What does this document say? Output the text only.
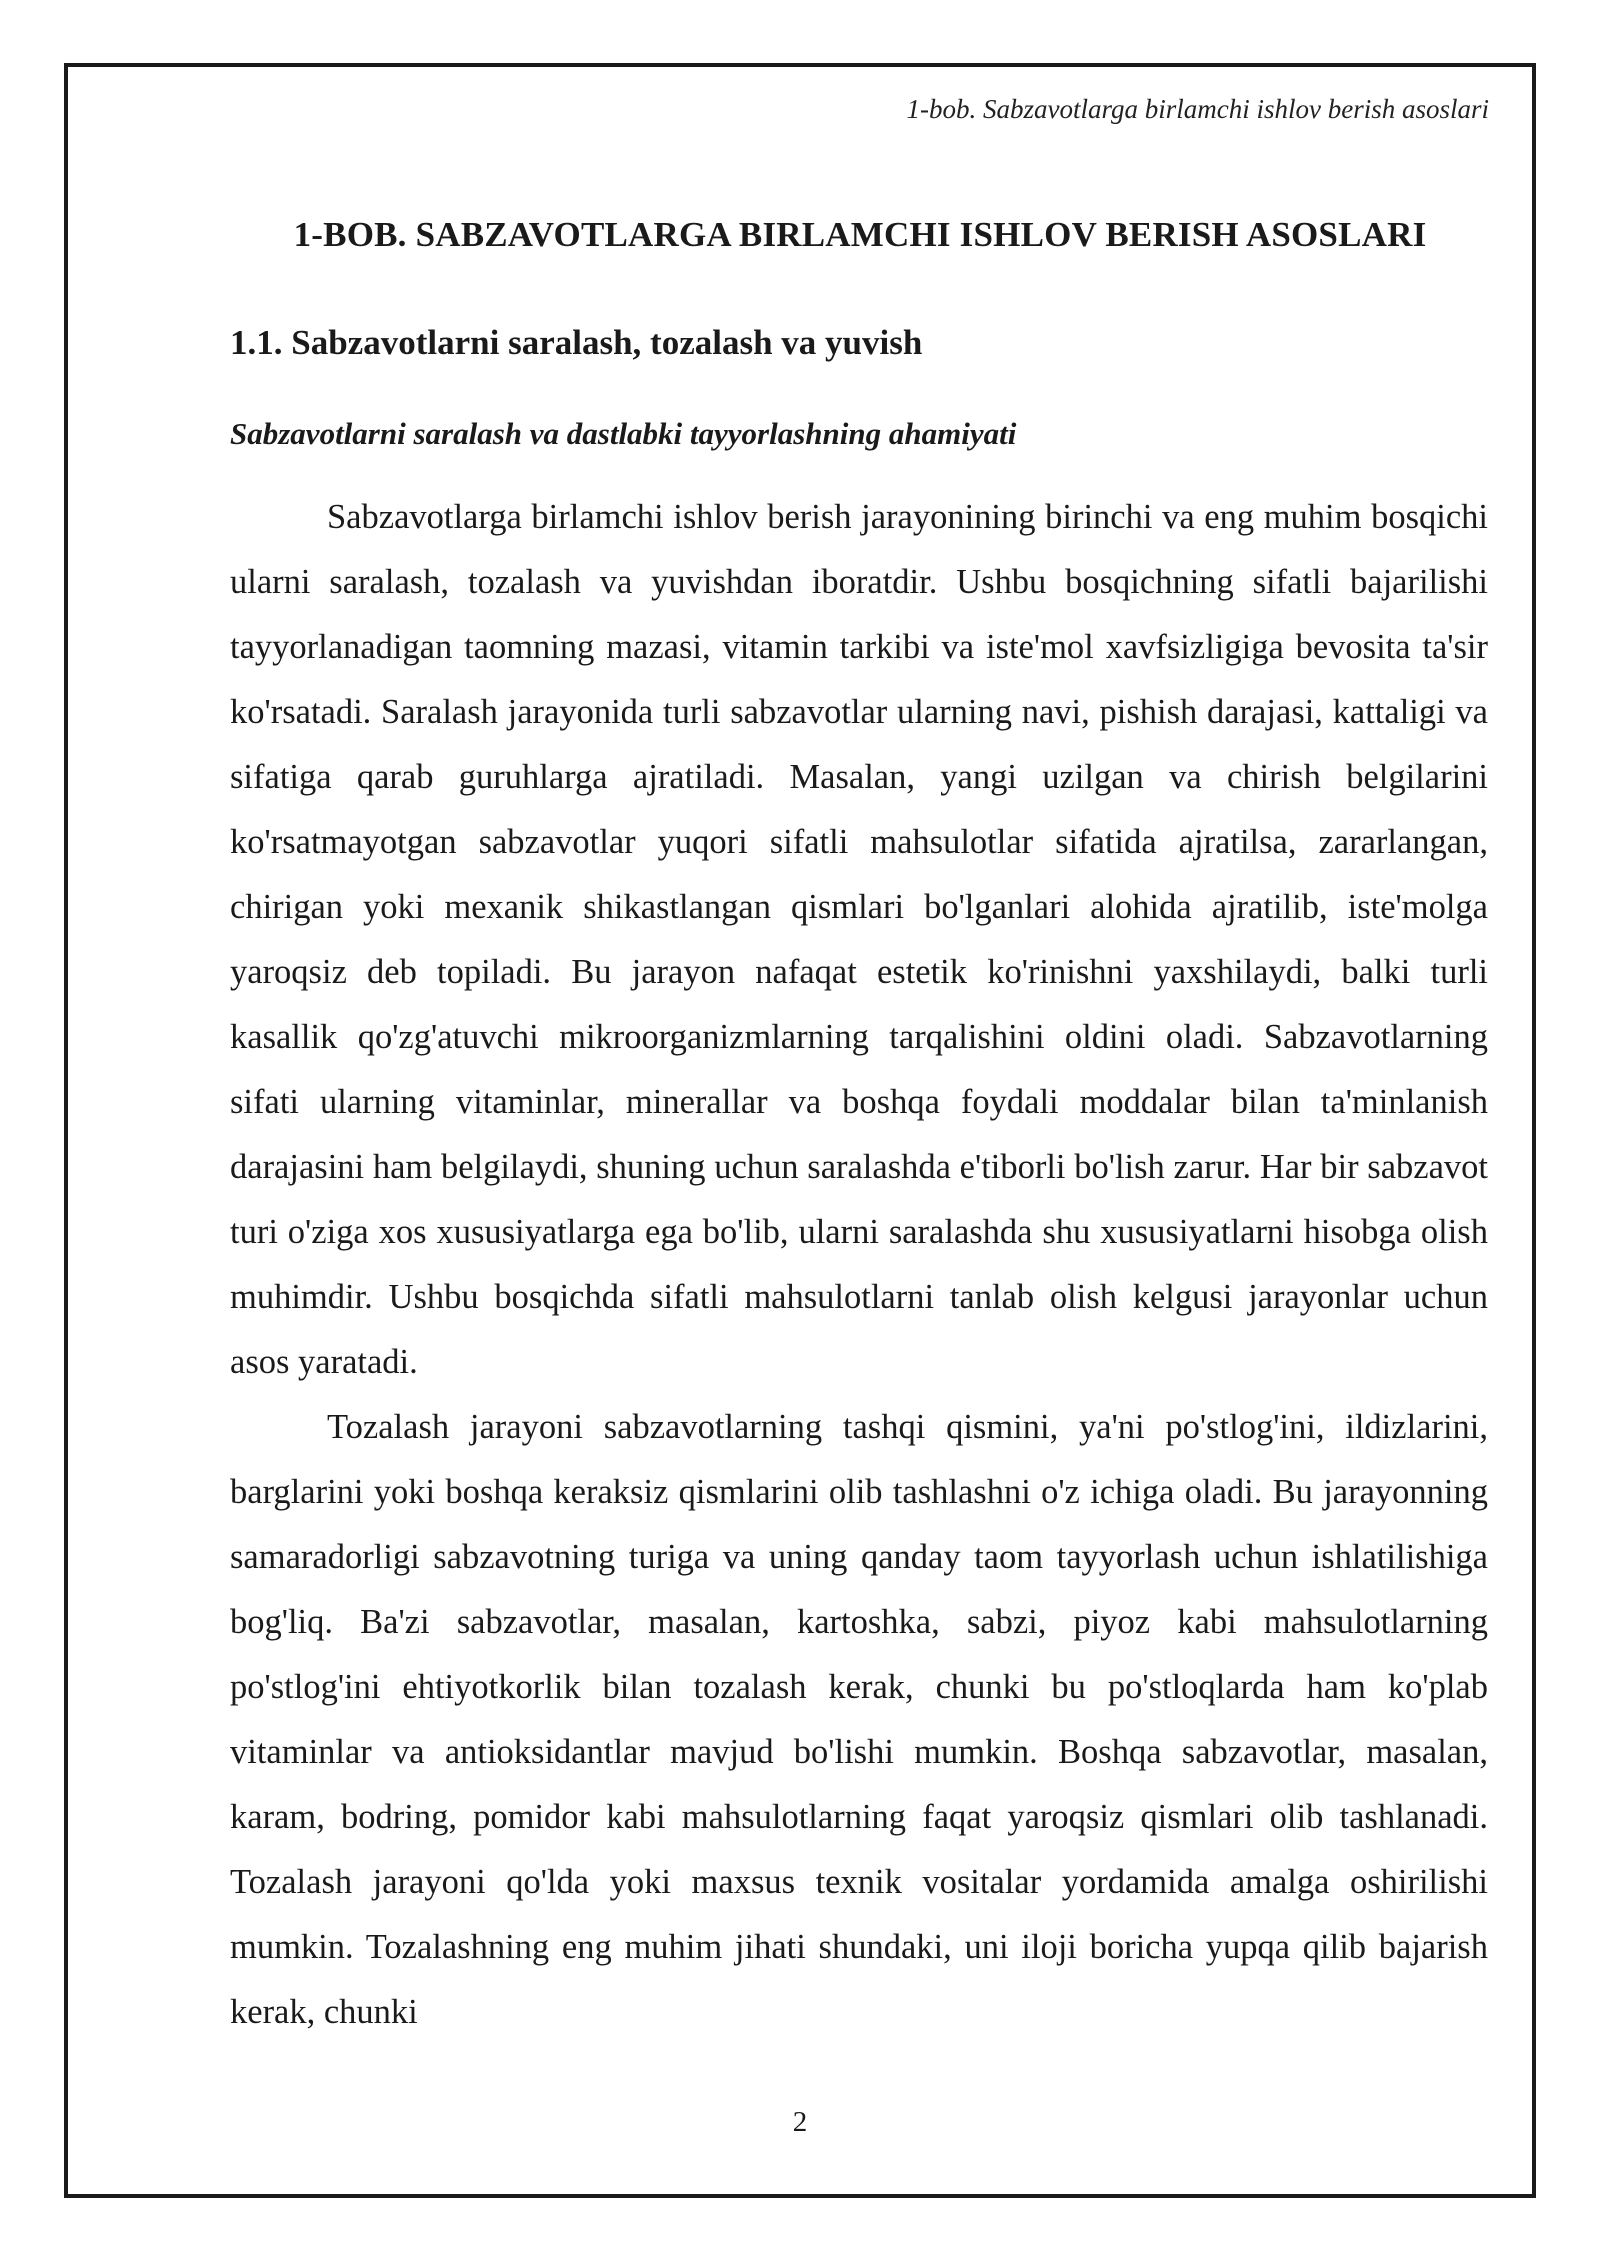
1-bob. Sabzavotlarga birlamchi ishlov berish asoslari
1-BOB. SABZAVOTLARGA BIRLAMCHI ISHLOV BERISH ASOSLARI
1.1. Sabzavotlarni saralash, tozalash va yuvish
Sabzavotlarni saralash va dastlabki tayyorlashning ahamiyati

Sabzavotlarga birlamchi ishlov berish jarayonining birinchi va eng muhim bosqichi ularni saralash, tozalash va yuvishdan iboratdir. Ushbu bosqichning sifatli bajarilishi tayyorlanadigan taomning mazasi, vitamin tarkibi va iste'mol xavfsizligiga bevosita ta'sir ko'rsatadi. Saralash jarayonida turli sabzavotlar ularning navi, pishish darajasi, kattaligi va sifatiga qarab guruhlarga ajratiladi. Masalan, yangi uzilgan va chirish belgilarini ko'rsatmayotgan sabzavotlar yuqori sifatli mahsulotlar sifatida ajratilsa, zararlangan, chirigan yoki mexanik shikastlangan qismlari bo'lganlari alohida ajratilib, iste'molga yaroqsiz deb topiladi. Bu jarayon nafaqat estetik ko'rinishni yaxshilaydi, balki turli kasallik qo'zg'atuvchi mikroorganizmlarning tarqalishini oldini oladi. Sabzavotlarning sifati ularning vitaminlar, minerallar va boshqa foydali moddalar bilan ta'minlanish darajasini ham belgilaydi, shuning uchun saralashda e'tiborli bo'lish zarur. Har bir sabzavot turi o'ziga xos xususiyatlarga ega bo'lib, ularni saralashda shu xususiyatlarni hisobga olish muhimdir. Ushbu bosqichda sifatli mahsulotlarni tanlab olish kelgusi jarayonlar uchun asos yaratadi.

Tozalash jarayoni sabzavotlarning tashqi qismini, ya'ni po'stlog'ini, ildizlarini, barglarini yoki boshqa keraksiz qismlarini olib tashlashni o'z ichiga oladi. Bu jarayonning samaradorligi sabzavotning turiga va uning qanday taom tayyorlash uchun ishlatilishiga bog'liq. Ba'zi sabzavotlar, masalan, kartoshka, sabzi, piyoz kabi mahsulotlarning po'stlog'ini ehtiyotkorlik bilan tozalash kerak, chunki bu po'stloqlarda ham ko'plab vitaminlar va antioksidantlar mavjud bo'lishi mumkin. Boshqa sabzavotlar, masalan, karam, bodring, pomidor kabi mahsulotlarning faqat yaroqsiz qismlari olib tashlanadi. Tozalash jarayoni qo'lda yoki maxsus texnik vositalar yordamida amalga oshirilishi mumkin. Tozalashning eng muhim jihati shundaki, uni iloji boricha yupqa qilib bajarish kerak, chunki

2
